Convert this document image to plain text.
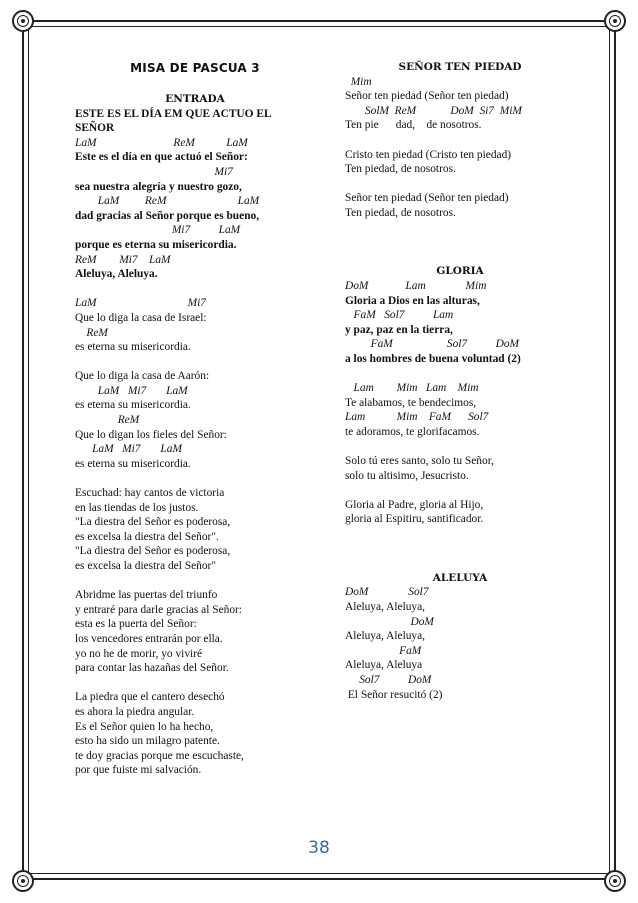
MISA DE PASCUA 3
ENTRADA
ESTE ES EL DÍA EM QUE ACTUO EL
SEÑOR
LaM                           ReM           LaM
Este es el día en que actuó el Señor:
Mi7
sea nuestra alegría y nuestro gozo,
LaM         ReM                         LaM
dad gracias al Señor porque es bueno,
Mi7          LaM
porque es eterna su misericordia.
ReM        Mi7    LaM
Aleluya, Aleluya.

LaM                                Mi7
Que lo diga la casa de Israel:
ReM
es eterna su misericordia.

Que lo diga la casa de Aarón:
LaM   Mi7       LaM
es eterna su misericordia.
ReM
Que lo digan los fieles del Señor:
LaM   Mi7       LaM
es eterna su misericordia.

Escuchad: hay cantos de victoria
en las tiendas de los justos.
"La diestra del Señor es poderosa,
es excelsa la diestra del Señor".
"La diestra del Señor es poderosa,
es excelsa la diestra del Señor"

Abridme las puertas del triunfo
y entraré para darle gracias al Señor:
esta es la puerta del Señor:
los vencedores entrarán por ella.
yo no he de morir, yo viviré
para contar las hazañas del Señor.

La piedra que el cantero desechó
es ahora la piedra angular.
Es el Señor quien lo ha hecho,
esto ha sido un milagro patente.
te doy gracias porque me escuchaste,
por que fuiste mi salvación.
SEÑOR TEN PIEDAD
Mim
Señor ten piedad (Señor ten piedad)
SolM  ReM            DoM  Si7  MiM
Ten pie      dad,    de nosotros.

Cristo ten piedad (Cristo ten piedad)
Ten piedad, de nosotros.

Señor ten piedad (Señor ten piedad)
Ten piedad, de nosotros.
GLORIA
DoM             Lam              Mim
Gloria a Dios en las alturas,
FaM   Sol7          Lam
y paz, paz en la tierra,
FaM                   Sol7          DoM
a los hombres de buena voluntad (2)

Lam        Mim   Lam    Mim
Te alabamos, te bendecimos,
Lam           Mim    FaM      Sol7
te adoramos, te glorifacamos.

Solo tú eres santo, solo tu Señor,
solo tu altisimo, Jesucristo.

Gloria al Padre, gloria al Hijo,
gloria al Espitiru, santificador.
ALELUYA
DoM              Sol7
Aleluya, Aleluya,
DoM
Aleluya, Aleluya,
FaM
Aleluya, Aleluya
Sol7          DoM
El Señor resucitó (2)
38
